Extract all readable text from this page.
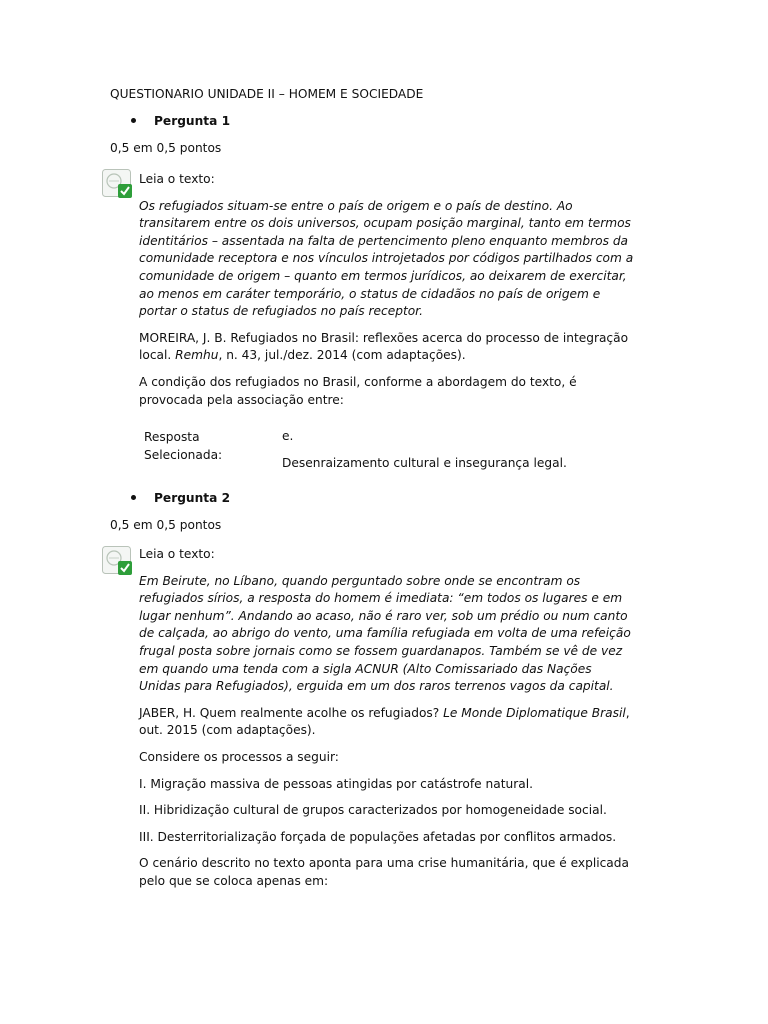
QUESTIONARIO UNIDADE II – HOMEM E SOCIEDADE
Pergunta 1
0,5 em 0,5 pontos

Leia o texto:

Os refugiados situam-se entre o país de origem e o país de destino. Ao transitarem entre os dois universos, ocupam posição marginal, tanto em termos identitários – assentada na falta de pertencimento pleno enquanto membros da comunidade receptora e nos vínculos introjetados por códigos partilhados com a comunidade de origem – quanto em termos jurídicos, ao deixarem de exercitar, ao menos em caráter temporário, o status de cidadãos no país de origem e portar o status de refugiados no país receptor.

MOREIRA, J. B. Refugiados no Brasil: reflexões acerca do processo de integração local. Remhu, n. 43, jul./dez. 2014 (com adaptações).

A condição dos refugiados no Brasil, conforme a abordagem do texto, é provocada pela associação entre:

Resposta Selecionada:
e.
Desenraizamento cultural e insegurança legal.
Pergunta 2
0,5 em 0,5 pontos

Leia o texto:

Em Beirute, no Líbano, quando perguntado sobre onde se encontram os refugiados sírios, a resposta do homem é imediata: “em todos os lugares e em lugar nenhum”. Andando ao acaso, não é raro ver, sob um prédio ou num canto de calçada, ao abrigo do vento, uma família refugiada em volta de uma refeição frugal posta sobre jornais como se fossem guardanapos. Também se vê de vez em quando uma tenda com a sigla ACNUR (Alto Comissariado das Nações Unidas para Refugiados), erguida em um dos raros terrenos vagos da capital.

JABER, H. Quem realmente acolhe os refugiados? Le Monde Diplomatique Brasil, out. 2015 (com adaptações).

Considere os processos a seguir:

I. Migração massiva de pessoas atingidas por catástrofe natural.

II. Hibridização cultural de grupos caracterizados por homogeneidade social.

III. Desterritorialização forçada de populações afetadas por conflitos armados.

O cenário descrito no texto aponta para uma crise humanitária, que é explicada pelo que se coloca apenas em:
